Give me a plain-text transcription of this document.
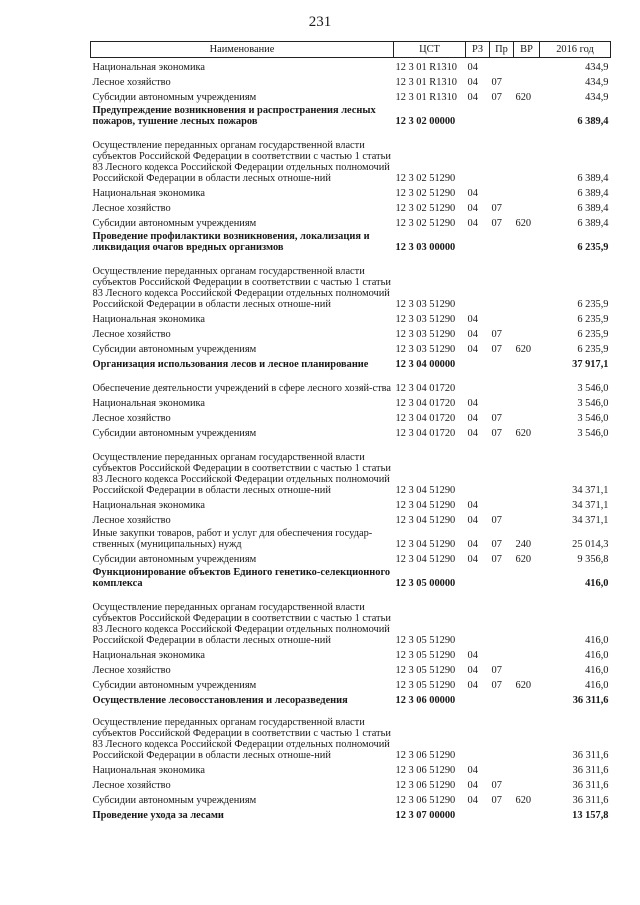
231
Наименование	ЦСТ	РЗ	Пр	ВР	2016 год
Национальная экономика	12 3 01 R1310	04			434,9
Лесное хозяйство	12 3 01 R1310	04	07		434,9
Субсидии автономным учреждениям	12 3 01 R1310	04	07	620	434,9
Предупреждение возникновения и распространения лесных пожаров, тушение лесных пожаров	12 3 02 00000				6 389,4
Осуществление переданных органам государственной власти субъектов Российской Федерации в соответствии с частью 1 статьи 83 Лесного кодекса Российской Федерации отдельных полномочий Российской Федерации в области лесных отноше-ний	12 3 02 51290				6 389,4
Национальная экономика	12 3 02 51290	04			6 389,4
Лесное хозяйство	12 3 02 51290	04	07		6 389,4
Субсидии автономным учреждениям	12 3 02 51290	04	07	620	6 389,4
Проведение профилактики возникновения, локализация и ликвидация очагов вредных организмов	12 3 03 00000				6 235,9
Осуществление переданных органам государственной власти субъектов Российской Федерации в соответствии с частью 1 статьи 83 Лесного кодекса Российской Федерации отдельных полномочий Российской Федерации в области лесных отноше-ний	12 3 03 51290				6 235,9
Национальная экономика	12 3 03 51290	04			6 235,9
Лесное хозяйство	12 3 03 51290	04	07		6 235,9
Субсидии автономным учреждениям	12 3 03 51290	04	07	620	6 235,9
Организация использования лесов и лесное планирование	12 3 04 00000				37 917,1
Обеспечение деятельности учреждений в сфере лесного хозяй-ства	12 3 04 01720				3 546,0
Национальная экономика	12 3 04 01720	04			3 546,0
Лесное хозяйство	12 3 04 01720	04	07		3 546,0
Субсидии автономным учреждениям	12 3 04 01720	04	07	620	3 546,0
Осуществление переданных органам государственной власти субъектов Российской Федерации в соответствии с частью 1 статьи 83 Лесного кодекса Российской Федерации отдельных полномочий Российской Федерации в области лесных отноше-ний	12 3 04 51290				34 371,1
Национальная экономика	12 3 04 51290	04			34 371,1
Лесное хозяйство	12 3 04 51290	04	07		34 371,1
Иные закупки товаров, работ и услуг для обеспечения государ-ственных (муниципальных) нужд	12 3 04 51290	04	07	240	25 014,3
Субсидии автономным учреждениям	12 3 04 51290	04	07	620	9 356,8
Функционирование объектов Единого генетико-селекционного комплекса	12 3 05 00000				416,0
Осуществление переданных органам государственной власти субъектов Российской Федерации в соответствии с частью 1 статьи 83 Лесного кодекса Российской Федерации отдельных полномочий Российской Федерации в области лесных отноше-ний	12 3 05 51290				416,0
Национальная экономика	12 3 05 51290	04			416,0
Лесное хозяйство	12 3 05 51290	04	07		416,0
Субсидии автономным учреждениям	12 3 05 51290	04	07	620	416,0
Осуществление лесовосстановления и лесоразведения	12 3 06 00000				36 311,6
Осуществление переданных органам государственной власти субъектов Российской Федерации в соответствии с частью 1 статьи 83 Лесного кодекса Российской Федерации отдельных полномочий Российской Федерации в области лесных отноше-ний	12 3 06 51290				36 311,6
Национальная экономика	12 3 06 51290	04			36 311,6
Лесное хозяйство	12 3 06 51290	04	07		36 311,6
Субсидии автономным учреждениям	12 3 06 51290	04	07	620	36 311,6
Проведение ухода за лесами	12 3 07 00000				13 157,8
